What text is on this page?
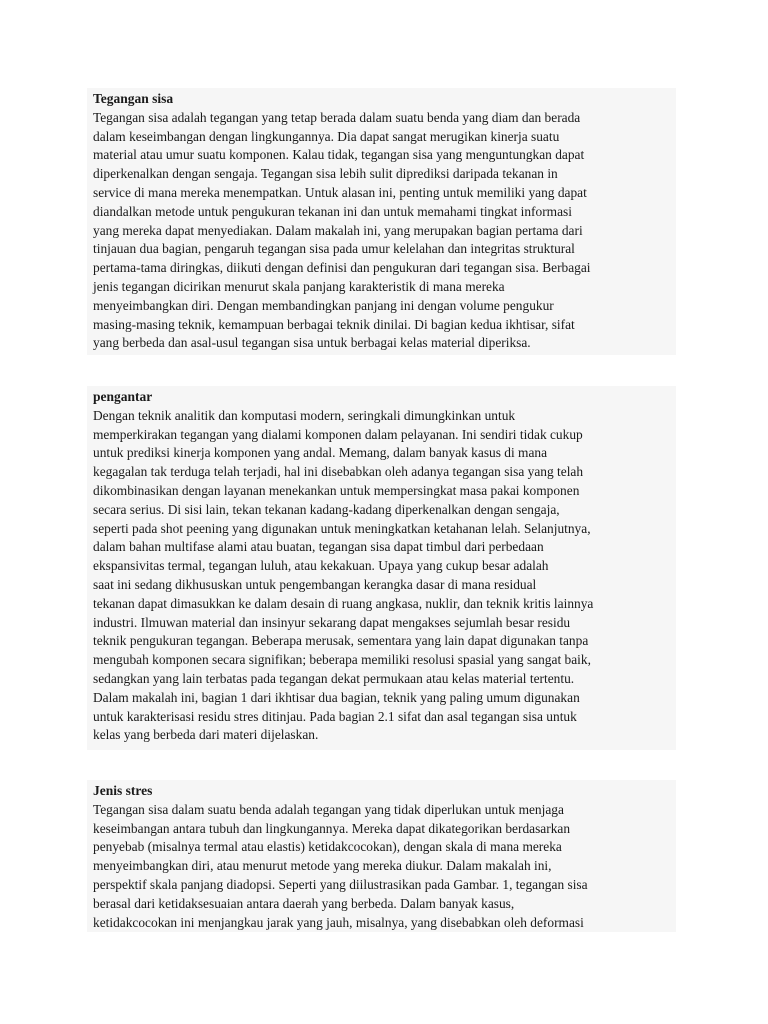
Tegangan sisa
Tegangan sisa adalah tegangan yang tetap berada dalam suatu benda yang diam dan berada
dalam keseimbangan dengan lingkungannya. Dia dapat sangat merugikan kinerja suatu
material atau umur suatu komponen. Kalau tidak, tegangan sisa yang menguntungkan dapat
diperkenalkan dengan sengaja. Tegangan sisa lebih sulit diprediksi daripada tekanan in
service di mana mereka menempatkan. Untuk alasan ini, penting untuk memiliki yang dapat
diandalkan metode untuk pengukuran tekanan ini dan untuk memahami tingkat informasi
yang mereka dapat menyediakan. Dalam makalah ini, yang merupakan bagian pertama dari
tinjauan dua bagian, pengaruh tegangan sisa pada umur kelelahan dan integritas struktural
pertama-tama diringkas, diikuti dengan definisi dan pengukuran dari tegangan sisa. Berbagai
jenis tegangan dicirikan menurut skala panjang karakteristik di mana mereka
menyeimbangkan diri. Dengan membandingkan panjang ini dengan volume pengukur
masing-masing teknik, kemampuan berbagai teknik dinilai. Di bagian kedua ikhtisar, sifat
yang berbeda dan asal-usul tegangan sisa untuk berbagai kelas material diperiksa.
pengantar
Dengan teknik analitik dan komputasi modern, seringkali dimungkinkan untuk
memperkirakan tegangan yang dialami komponen dalam pelayanan. Ini sendiri tidak cukup
untuk prediksi kinerja komponen yang andal. Memang, dalam banyak kasus di mana
kegagalan tak terduga telah terjadi, hal ini disebabkan oleh adanya tegangan sisa yang telah
dikombinasikan dengan layanan menekankan untuk mempersingkat masa pakai komponen
secara serius. Di sisi lain, tekan tekanan kadang-kadang diperkenalkan dengan sengaja,
seperti pada shot peening yang digunakan untuk meningkatkan ketahanan lelah. Selanjutnya,
dalam bahan multifase alami atau buatan, tegangan sisa dapat timbul dari perbedaan
ekspansivitas termal, tegangan luluh, atau kekakuan. Upaya yang cukup besar adalah
saat ini sedang dikhususkan untuk pengembangan kerangka dasar di mana residual
tekanan dapat dimasukkan ke dalam desain di ruang angkasa, nuklir, dan teknik kritis lainnya
industri. Ilmuwan material dan insinyur sekarang dapat mengakses sejumlah besar residu
teknik pengukuran tegangan. Beberapa merusak, sementara yang lain dapat digunakan tanpa
mengubah komponen secara signifikan; beberapa memiliki resolusi spasial yang sangat baik,
sedangkan yang lain terbatas pada tegangan dekat permukaan atau kelas material tertentu.
Dalam makalah ini, bagian 1 dari ikhtisar dua bagian, teknik yang paling umum digunakan
untuk karakterisasi residu stres ditinjau. Pada bagian 2.1 sifat dan asal tegangan sisa untuk
kelas yang berbeda dari materi dijelaskan.
Jenis stres
Tegangan sisa dalam suatu benda adalah tegangan yang tidak diperlukan untuk menjaga
keseimbangan antara tubuh dan lingkungannya. Mereka dapat dikategorikan berdasarkan
penyebab (misalnya termal atau elastis) ketidakcocokan), dengan skala di mana mereka
menyeimbangkan diri, atau menurut metode yang mereka diukur. Dalam makalah ini,
perspektif skala panjang diadopsi. Seperti yang diilustrasikan pada Gambar. 1, tegangan sisa
berasal dari ketidaksesuaian antara daerah yang berbeda. Dalam banyak kasus,
ketidakcocokan ini menjangkau jarak yang jauh, misalnya, yang disebabkan oleh deformasi
